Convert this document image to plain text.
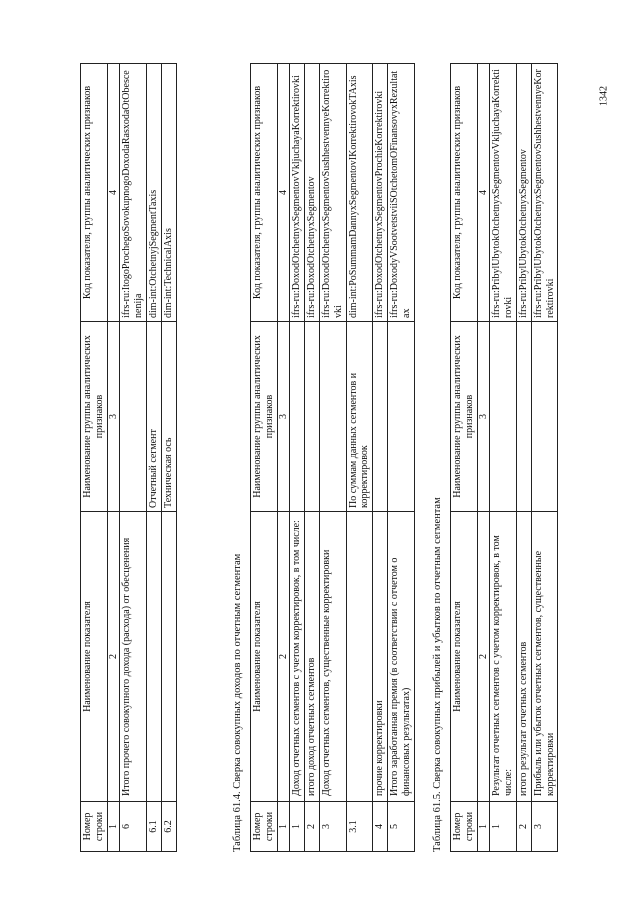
1342
Номер строки	Наименование показателя	Наименование группы аналитических признаков	Код показателя, группы аналитических признаков
1	2	3	4
6	Итого прочего совокупного дохода (расхода) от обесценения		ifrs-ru:ItogoProchegoSovokupnogoDoxodaRasxodaOtObescenenija
6.1		Отчетный сегмент	dim-int:OtchetnyjSegmentTaxis
6.2		Техническая ось	dim-int:TechnicalAxis
Таблица 61.4. Сверка совокупных доходов по отчетным сегментам Номер строки	Наименование показателя	Наименование группы аналитических признаков	Код показателя, группы аналитических признаков
1	2	3	4
1	Доход отчетных сегментов с учетом корректировок, в том числе:		ifrs-ru:DoxodOtchetnyxSegmentovVkljuchayaKorrektirovki
2	итого доход отчетных сегментов		ifrs-ru:DoxodOtchetnyxSegmentov
3	Доход отчетных сегментов, существенные корректировки		ifrs-ru:DoxodOtchetnyxSegmentovSushhestvennyeKorrektirovki
3.1		По суммам данных сегментов и корректировок	dim-int:PoSummamDannyxSegmentovIKorrektirovokTAxis
4	прочие корректировки		ifrs-ru:DoxodOtchetnyxSegmentovProchieKorrektirovki
5	Итого заработанная премия (в соответствии с отчетом о финансовых результатах)		ifrs-ru:DoxodyVSootvetstviiSOtchetomOFinansovyxRezultatax
Таблица 61.5. Сверка совокупных прибылей и убытков по отчетным сегментам Номер строки	Наименование показателя	Наименование группы аналитических признаков	Код показателя, группы аналитических признаков
1	2	3	4
1	Результат отчетных сегментов с учетом корректировок, в том числе:		ifrs-ru:PribylUbytokOtchetnyxSegmentovVkljuchayaKorrektirovki
2	итого результат отчетных сегментов		ifrs-ru:PribylUbytokOtchetnyxSegmentov
3	Прибыль или убыток отчетных сегментов, существенные корректировки		ifrs-ru:PribylUbytokOtchetnyxSegmentovSushhestvennyeKorrektirovki
